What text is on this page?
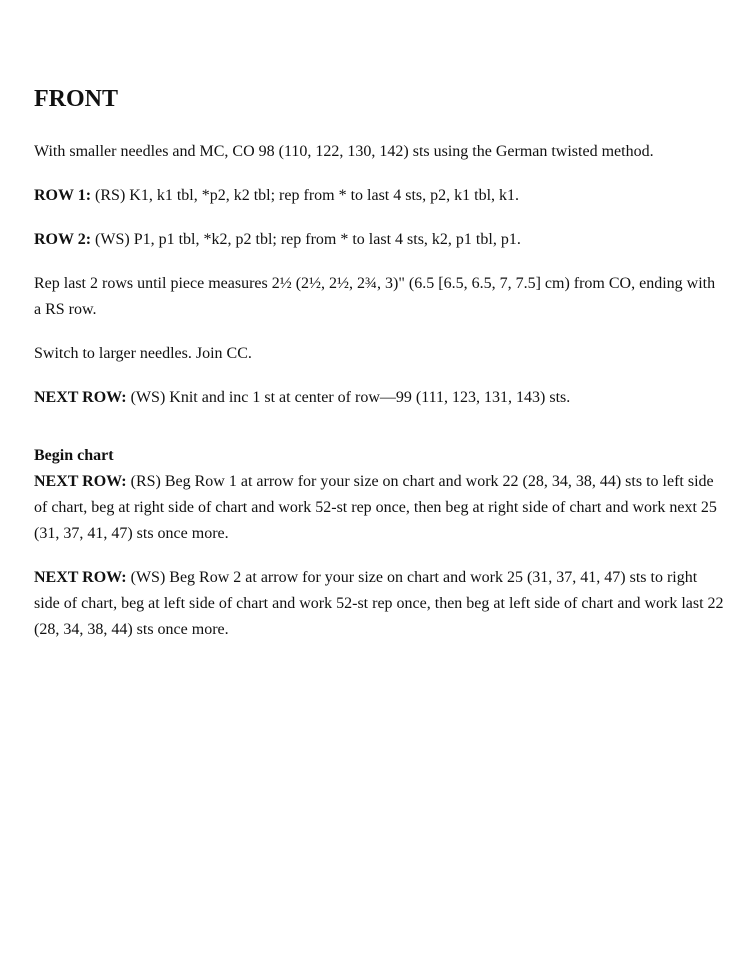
FRONT

With smaller needles and MC, CO 98 (110, 122, 130, 142) sts using the German twisted method.

ROW 1: (RS) K1, k1 tbl, *p2, k2 tbl; rep from * to last 4 sts, p2, k1 tbl, k1.

ROW 2: (WS) P1, p1 tbl, *k2, p2 tbl; rep from * to last 4 sts, k2, p1 tbl, p1.

Rep last 2 rows until piece measures 2½ (2½, 2½, 2¾, 3)" (6.5 [6.5, 6.5, 7, 7.5] cm) from CO, ending with a RS row.

Switch to larger needles. Join CC.

NEXT ROW: (WS) Knit and inc 1 st at center of row—99 (111, 123, 131, 143) sts.

Begin chart

NEXT ROW: (RS) Beg Row 1 at arrow for your size on chart and work 22 (28, 34, 38, 44) sts to left side of chart, beg at right side of chart and work 52-st rep once, then beg at right side of chart and work next 25 (31, 37, 41, 47) sts once more.

NEXT ROW: (WS) Beg Row 2 at arrow for your size on chart and work 25 (31, 37, 41, 47) sts to right side of chart, beg at left side of chart and work 52-st rep once, then beg at left side of chart and work last 22 (28, 34, 38, 44) sts once more.
